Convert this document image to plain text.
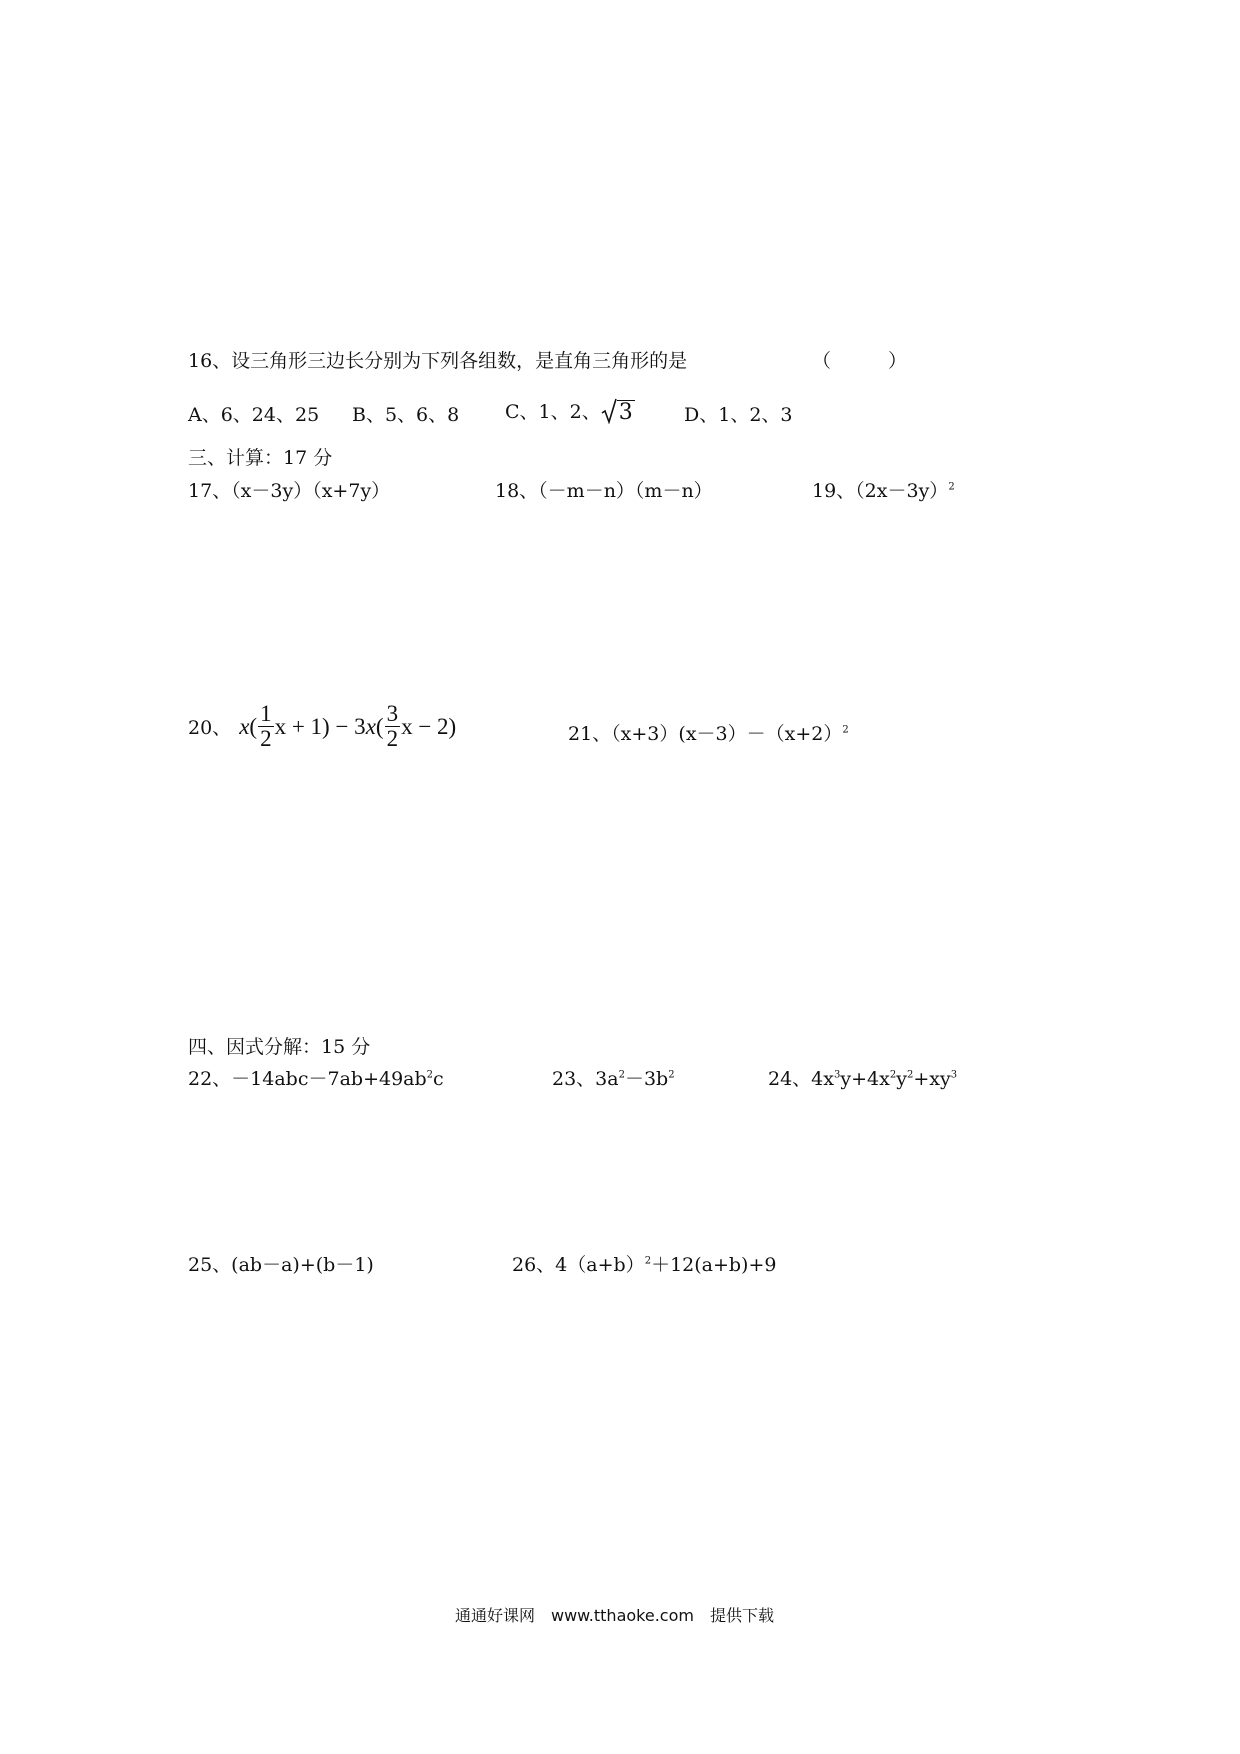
16、设三角形三边长分别为下列各组数，是直角三角形的是	（　　　）
A、6、24、25 B、5、6、8 C、1、2、 3	D、1、2、3
三、计算：17 分
17、（x－3y）（x+7y）	18、（－m－n）（m－n）	19、$(2x-3y)^2$
20、 x ( $\frac{1}{2}$ x + 1) − 3 x ( $\frac{3}{2}$ x − 2)	21、$(x+3)(x-3)-(x+2)^2$
四、因式分解：15 分
22、$-14abc-7ab+49ab^2c$	23、$3a^2-3b^2$	24、$4x^3y+4x^2y^2+xy^3$
25、(ab－a)+(b－1)	26、$4(a+b)^2+12(a+b)+9$
通通好课网　www.tthaoke.com　提供下载
